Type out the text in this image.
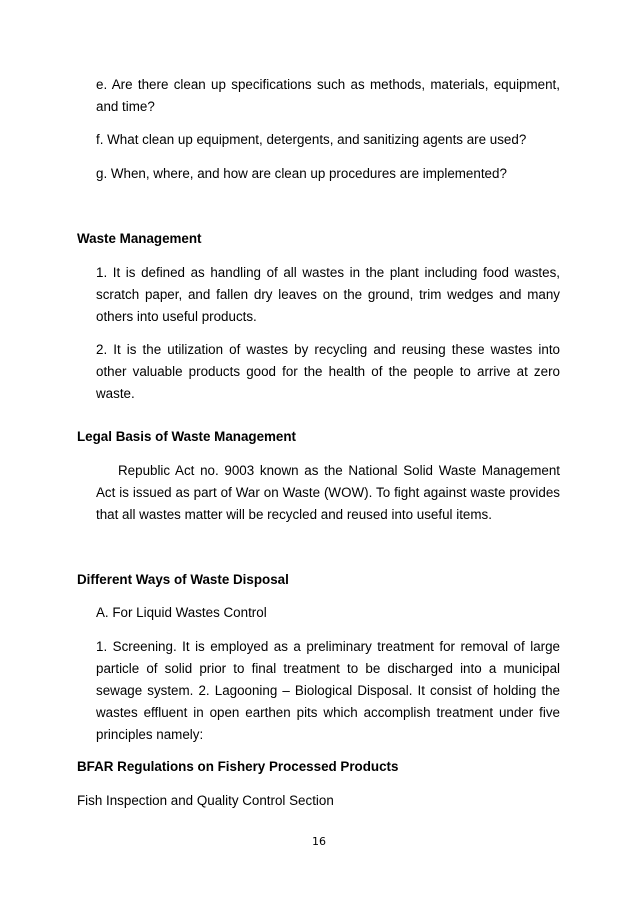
e. Are there clean up specifications such as methods, materials, equipment, and time?

f. What clean up equipment, detergents, and sanitizing agents are used?

g. When, where, and how are clean up procedures are implemented?

Waste Management

1. It is defined as handling of all wastes in the plant including food wastes, scratch paper, and fallen dry leaves on the ground, trim wedges and many others into useful products.

2. It is the utilization of wastes by recycling and reusing these wastes into other valuable products good for the health of the people to arrive at zero waste.

Legal Basis of Waste Management

Republic Act no. 9003 known as the National Solid Waste Management Act is issued as part of War on Waste (WOW). To fight against waste provides that all wastes matter will be recycled and reused into useful items.

Different Ways of Waste Disposal

A. For Liquid Wastes Control

1. Screening. It is employed as a preliminary treatment for removal of large particle of solid prior to final treatment to be discharged into a municipal sewage system. 2. Lagooning – Biological Disposal. It consist of holding the wastes effluent in open earthen pits which accomplish treatment under five principles namely:

BFAR Regulations on Fishery Processed Products

Fish Inspection and Quality Control Section

16
